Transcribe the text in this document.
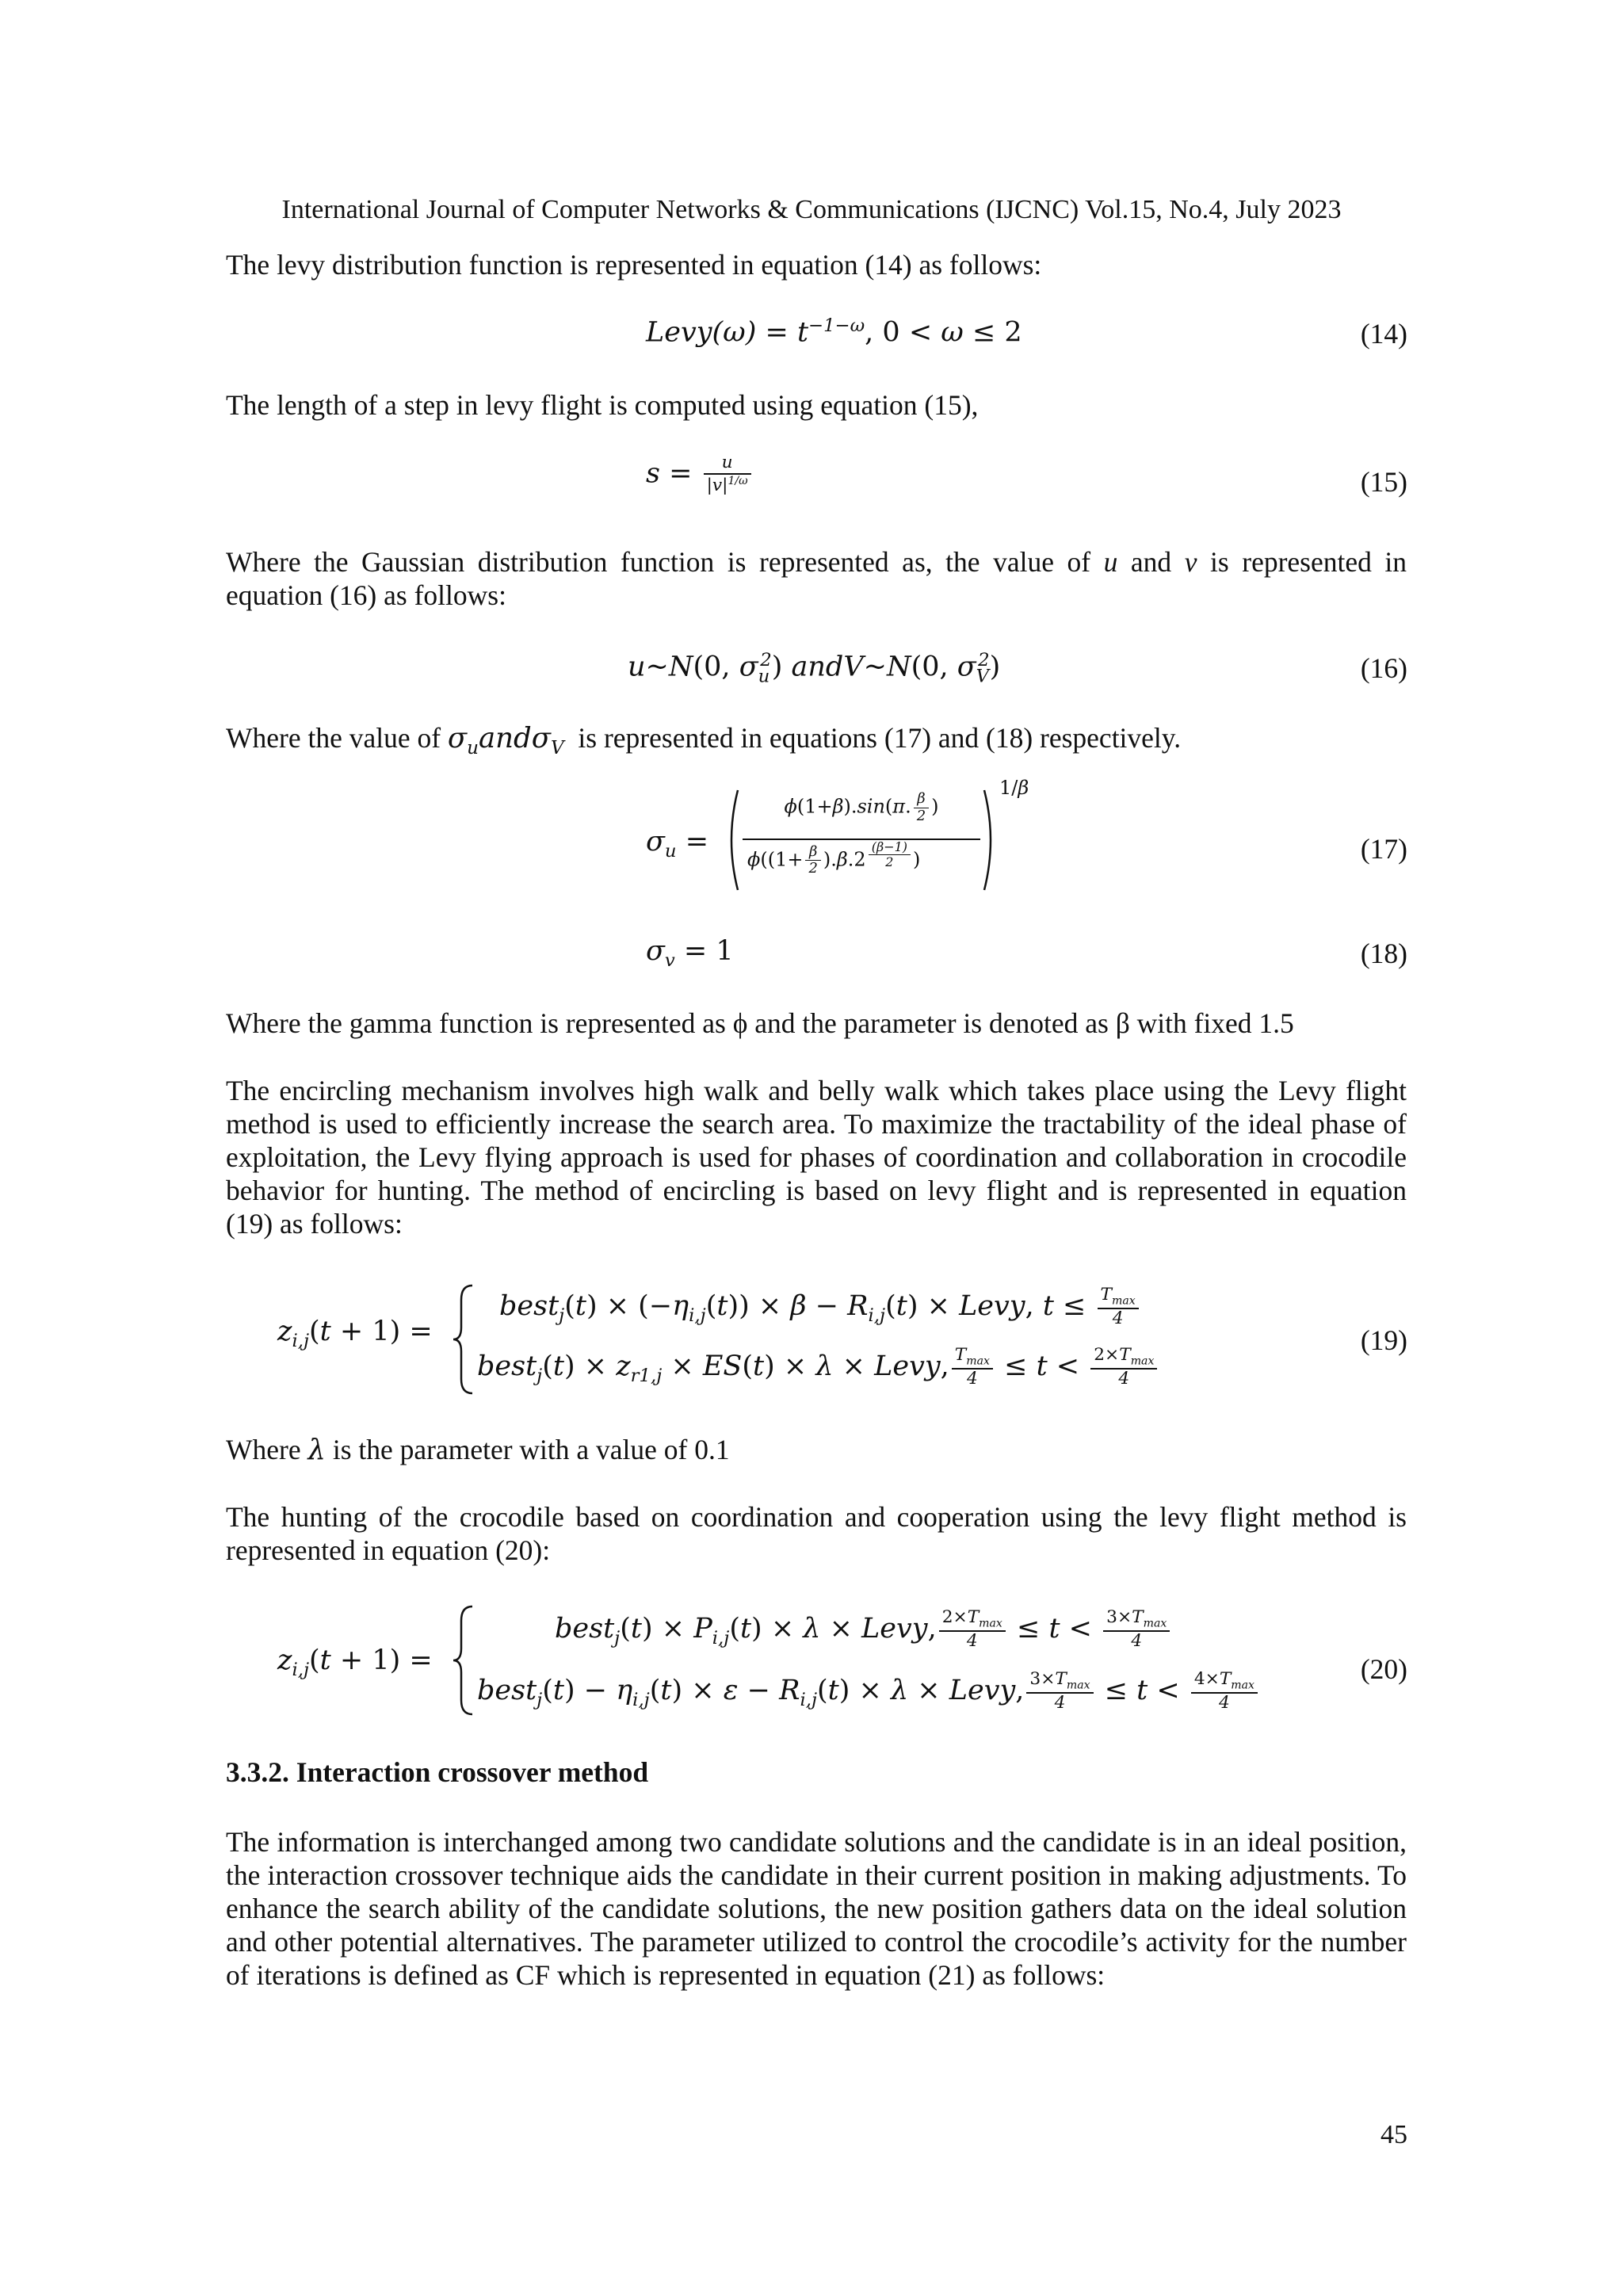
International Journal of Computer Networks & Communications (IJCNC) Vol.15, No.4, July 2023

The levy distribution function is represented in equation (14) as follows:

Levy(ω) = $t^{-1-\omega}$, 0 < ω ≤ 2	(14)

The length of a step in levy flight is computed using equation (15),

$s = \frac{u}{|v|^{1/\omega}}$	(15)

Where the Gaussian distribution function is represented as, the value of u and v is represented in equation (16) as follows:

u~N(0, $\sigma_u^2$) andV~N(0, $\sigma_V^2$)	(16)

Where the value of $\sigma_uand\sigma_V$ is represented in equations (17) and (18) respectively.

$\sigma_u$ =
ϕ(1+β).sin(π. $\frac{\beta}{2}$ )
$\phi((1+ \frac{\beta}{2} ).\beta.2$ $^{\frac{(\beta-1)}{2}}$ )
1/β
(17)
$\sigma_v = 1$	(18)

Where the gamma function is represented as ϕ and the parameter is denoted as β with fixed 1.5

The encircling mechanism involves high walk and belly walk which takes place using the Levy flight method is used to efficiently increase the search area. To maximize the tractability of the ideal phase of exploitation, the Levy flying approach is used for phases of coordination and collaboration in crocodile behavior for hunting. The method of encircling is based on levy flight and is represented in equation (19) as follows:

$z_{i,j}(t + 1)$ =
best$_j$(t) × $(-\eta_{i,j}(t)) \times \beta - R_{i,j}(t)$ × Levy, $t \le \frac{T_{max}}{4}$
best$_j$(t) × $z_{r1,j} \times ES(t) \times \lambda$ × Levy, $\frac{T_{max}}{4} \le t < \frac{2\times T_{max}}{4}$
(19)

Where λ is the parameter with a value of 0.1

The hunting of the crocodile based on coordination and cooperation using the levy flight method is represented in equation (20):

$z_{i,j}(t + 1)$ =
best$_j$(t) × $P_{i,j}(t) \times \lambda$ × Levy, $\frac{2\times T_{max}}{4} \le t < \frac{3\times T_{max}}{4}$
best$_j$(t) − $\eta_{i,j}(t) \times \varepsilon - R_{i,j}(t) \times \lambda$ × Levy, $\frac{3\times T_{max}}{4} \le t < \frac{4\times T_{max}}{4}$
(20)
3.3.2. Interaction crossover method

The information is interchanged among two candidate solutions and the candidate is in an ideal position, the interaction crossover technique aids the candidate in their current position in making adjustments. To enhance the search ability of the candidate solutions, the new position gathers data on the ideal solution and other potential alternatives. The parameter utilized to control the crocodile’s activity for the number of iterations is defined as CF which is represented in equation (21) as follows:

45
